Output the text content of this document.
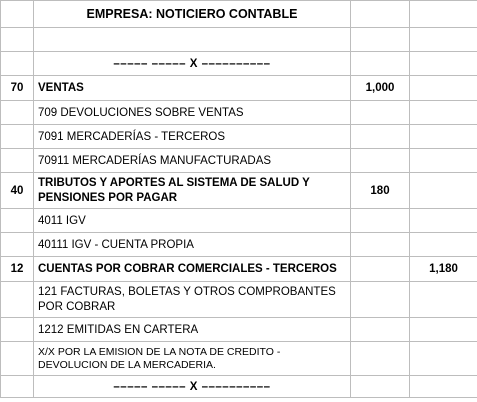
	EMPRESA: NOTICIERO CONTABLE		

	––––– ––––– X ––––––––––		
70	VENTAS	1,000	
	709 DEVOLUCIONES SOBRE VENTAS		
	7091 MERCADERÍAS - TERCEROS		
	70911 MERCADERÍAS MANUFACTURADAS		
40	TRIBUTOS Y APORTES AL SISTEMA DE SALUD Y PENSIONES POR PAGAR	180	
	4011 IGV		
	40111 IGV - CUENTA PROPIA		
12	CUENTAS POR COBRAR COMERCIALES - TERCEROS		1,180
	121 FACTURAS, BOLETAS Y OTROS COMPROBANTES POR COBRAR		
	1212 EMITIDAS EN CARTERA		
	X/X POR LA EMISION DE LA NOTA DE CREDITO - DEVOLUCION DE LA MERCADERIA.		
	––––– ––––– X ––––––––––		
